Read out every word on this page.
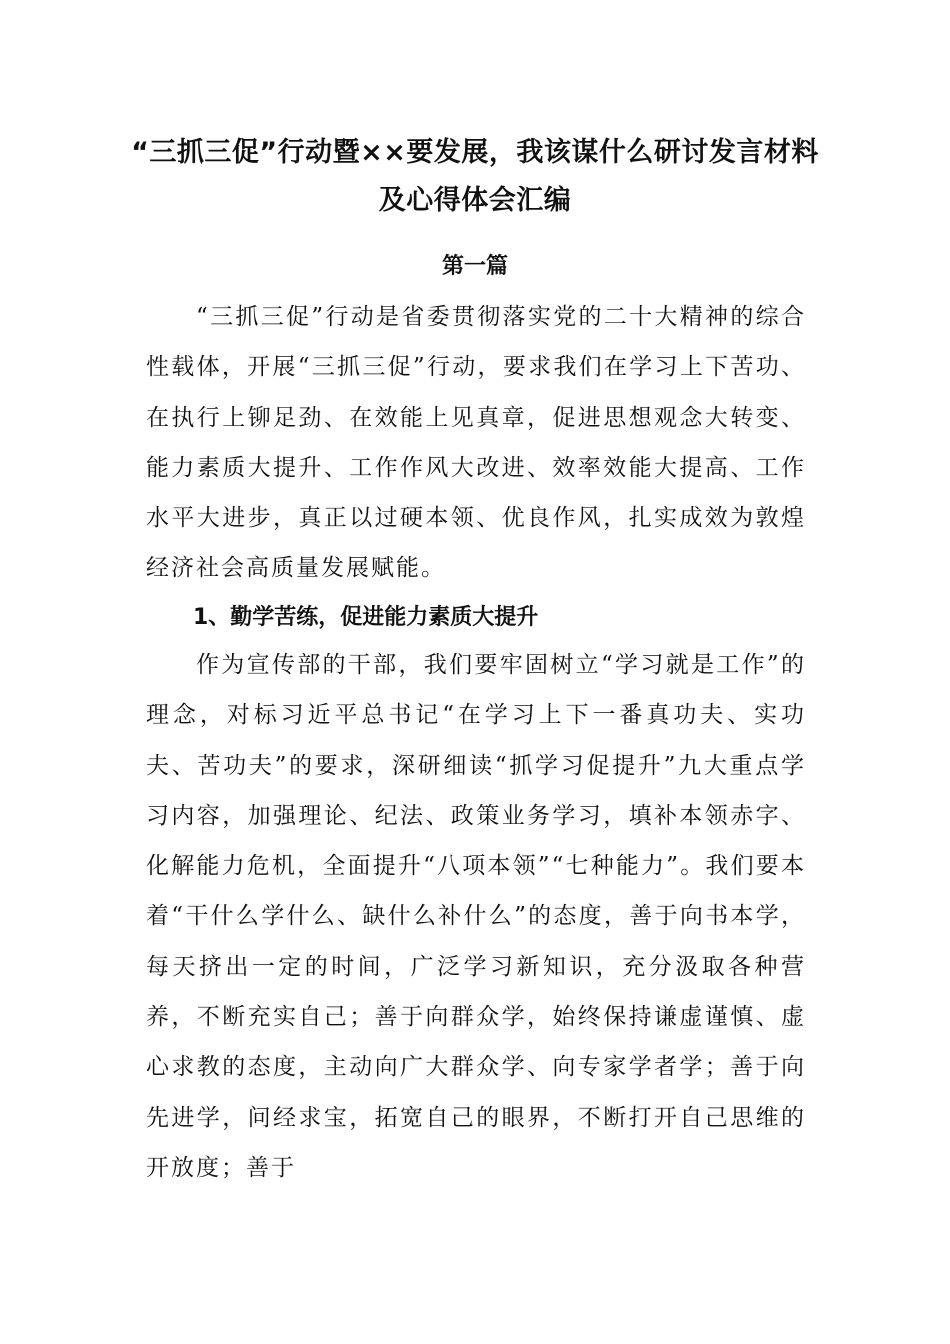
“三抓三促”行动暨××要发展，我该谋什么研讨发言材料
及心得体会汇编
第一篇
“三抓三促”行动是省委贯彻落实党的二十大精神的综合性载体，开展“三抓三促”行动，要求我们在学习上下苦功、在执行上铆足劲、在效能上见真章，促进思想观念大转变、能力素质大提升、工作作风大改进、效率效能大提高、工作水平大进步，真正以过硬本领、优良作风，扎实成效为敦煌经济社会高质量发展赋能。
1、勤学苦练，促进能力素质大提升
作为宣传部的干部，我们要牢固树立“学习就是工作”的理念，对标习近平总书记“在学习上下一番真功夫、实功夫、苦功夫”的要求，深研细读“抓学习促提升”九大重点学习内容，加强理论、纪法、政策业务学习，填补本领赤字、化解能力危机，全面提升“八项本领”“七种能力”。我们要本着“干什么学什么、缺什么补什么”的态度，善于向书本学，每天挤出一定的时间，广泛学习新知识，充分汲取各种营养，不断充实自己；善于向群众学，始终保持谦虚谨慎、虚心求教的态度，主动向广大群众学、向专家学者学；善于向先进学，问经求宝，拓宽自己的眼界，不断打开自己思维的开放度；善于
